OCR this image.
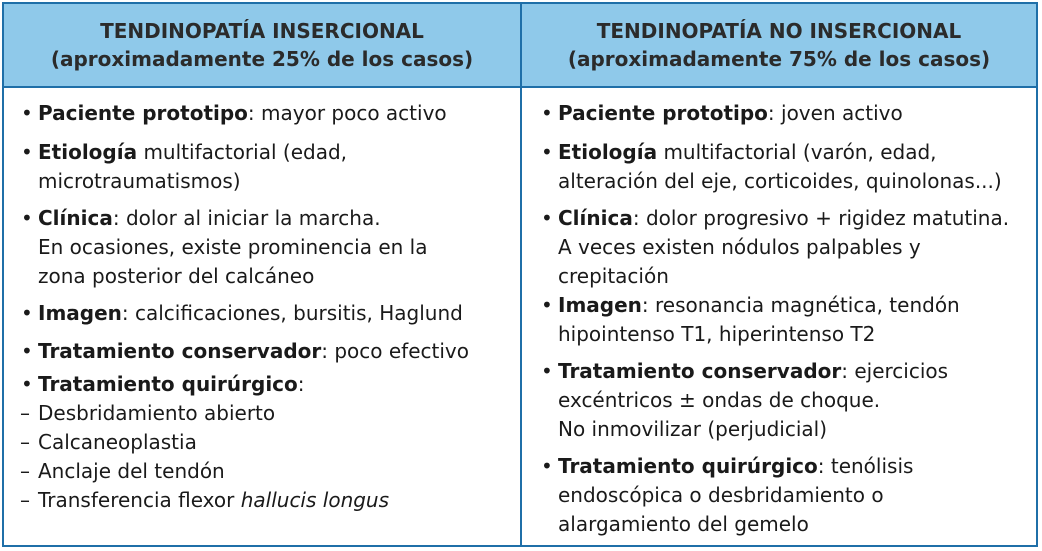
TENDINOPATÍA INSERCIONAL
(aproximadamente 25% de los casos)
TENDINOPATÍA NO INSERCIONAL
(aproximadamente 75% de los casos)
• Paciente prototipo: mayor poco activo
• Etiología multifactorial (edad,
microtraumatismos)
• Clínica: dolor al iniciar la marcha.
En ocasiones, existe prominencia en la
zona posterior del calcáneo
• Imagen: calcificaciones, bursitis, Haglund
• Tratamiento conservador: poco efectivo
• Tratamiento quirúrgico:
– Desbridamiento abierto
– Calcaneoplastia
– Anclaje del tendón
– Transferencia flexor hallucis longus
• Paciente prototipo: joven activo
• Etiología multifactorial (varón, edad,
alteración del eje, corticoides, quinolonas...)
• Clínica: dolor progresivo + rigidez matutina.
A veces existen nódulos palpables y
crepitación
• Imagen: resonancia magnética, tendón
hipointenso T1, hiperintenso T2
• Tratamiento conservador: ejercicios
excéntricos ± ondas de choque.
No inmovilizar (perjudicial)
• Tratamiento quirúrgico: tenólisis
endoscópica o desbridamiento o
alargamiento del gemelo
